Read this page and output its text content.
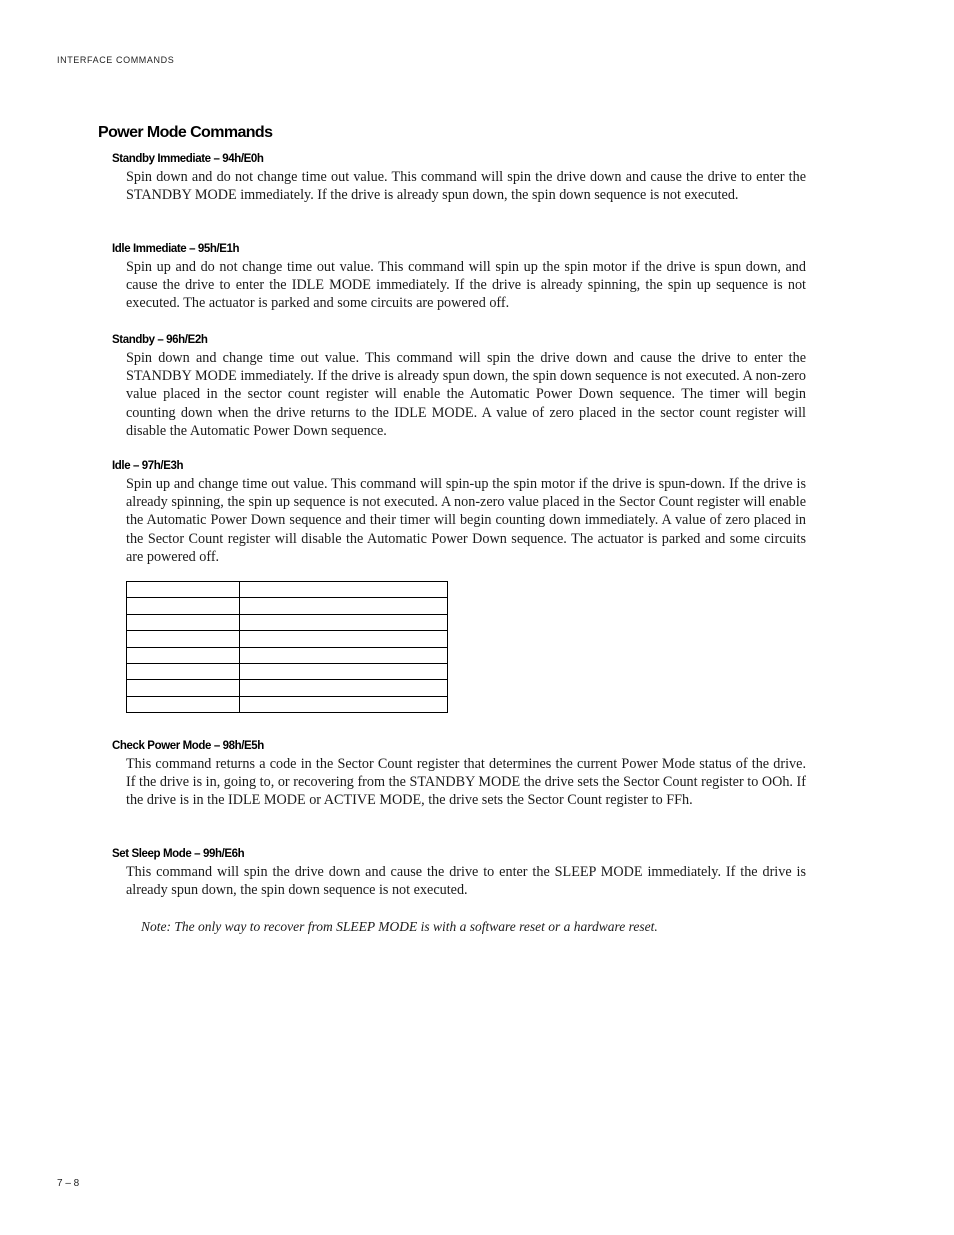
INTERFACE COMMANDS
Power Mode Commands
Standby Immediate – 94h/E0h

Spin down and do not change time out value. This command will spin the drive down and cause the drive to enter the STANDBY MODE immediately. If the drive is already spun down, the spin down sequence is not executed.

Idle Immediate – 95h/E1h

Spin up and do not change time out value. This command will spin up the spin motor if the drive is spun down, and cause the drive to enter the IDLE MODE immediately. If the drive is already spinning, the spin up sequence is not executed. The actuator is parked and some circuits are powered off.

Standby – 96h/E2h

Spin down and change time out value. This command will spin the drive down and cause the drive to enter the STANDBY MODE immediately. If the drive is already spun down, the spin down sequence is not executed. A non-zero value placed in the sector count register will enable the Automatic Power Down sequence. The timer will begin counting down when the drive returns to the IDLE MODE. A value of zero placed in the sector count register will disable the Automatic Power Down sequence.

Idle – 97h/E3h

Spin up and change time out value. This command will spin-up the spin motor if the drive is spun-down. If the drive is already spinning, the spin up sequence is not executed. A non-zero value placed in the Sector Count register will enable the Automatic Power Down sequence and their timer will begin counting down immediately. A value of zero placed in the Sector Count register will disable the Automatic Power Down sequence. The actuator is parked and some circuits are powered off.

Check Power Mode – 98h/E5h

This command returns a code in the Sector Count register that determines the current Power Mode status of the drive. If the drive is in, going to, or recovering from the STANDBY MODE the drive sets the Sector Count register to OOh. If the drive is in the IDLE MODE or ACTIVE MODE, the drive sets the Sector Count register to FFh.

Set Sleep Mode – 99h/E6h

This command will spin the drive down and cause the drive to enter the SLEEP MODE immediately. If the drive is already spun down, the spin down sequence is not executed.

Note: The only way to recover from SLEEP MODE is with a software reset or a hardware reset.
7 – 8
